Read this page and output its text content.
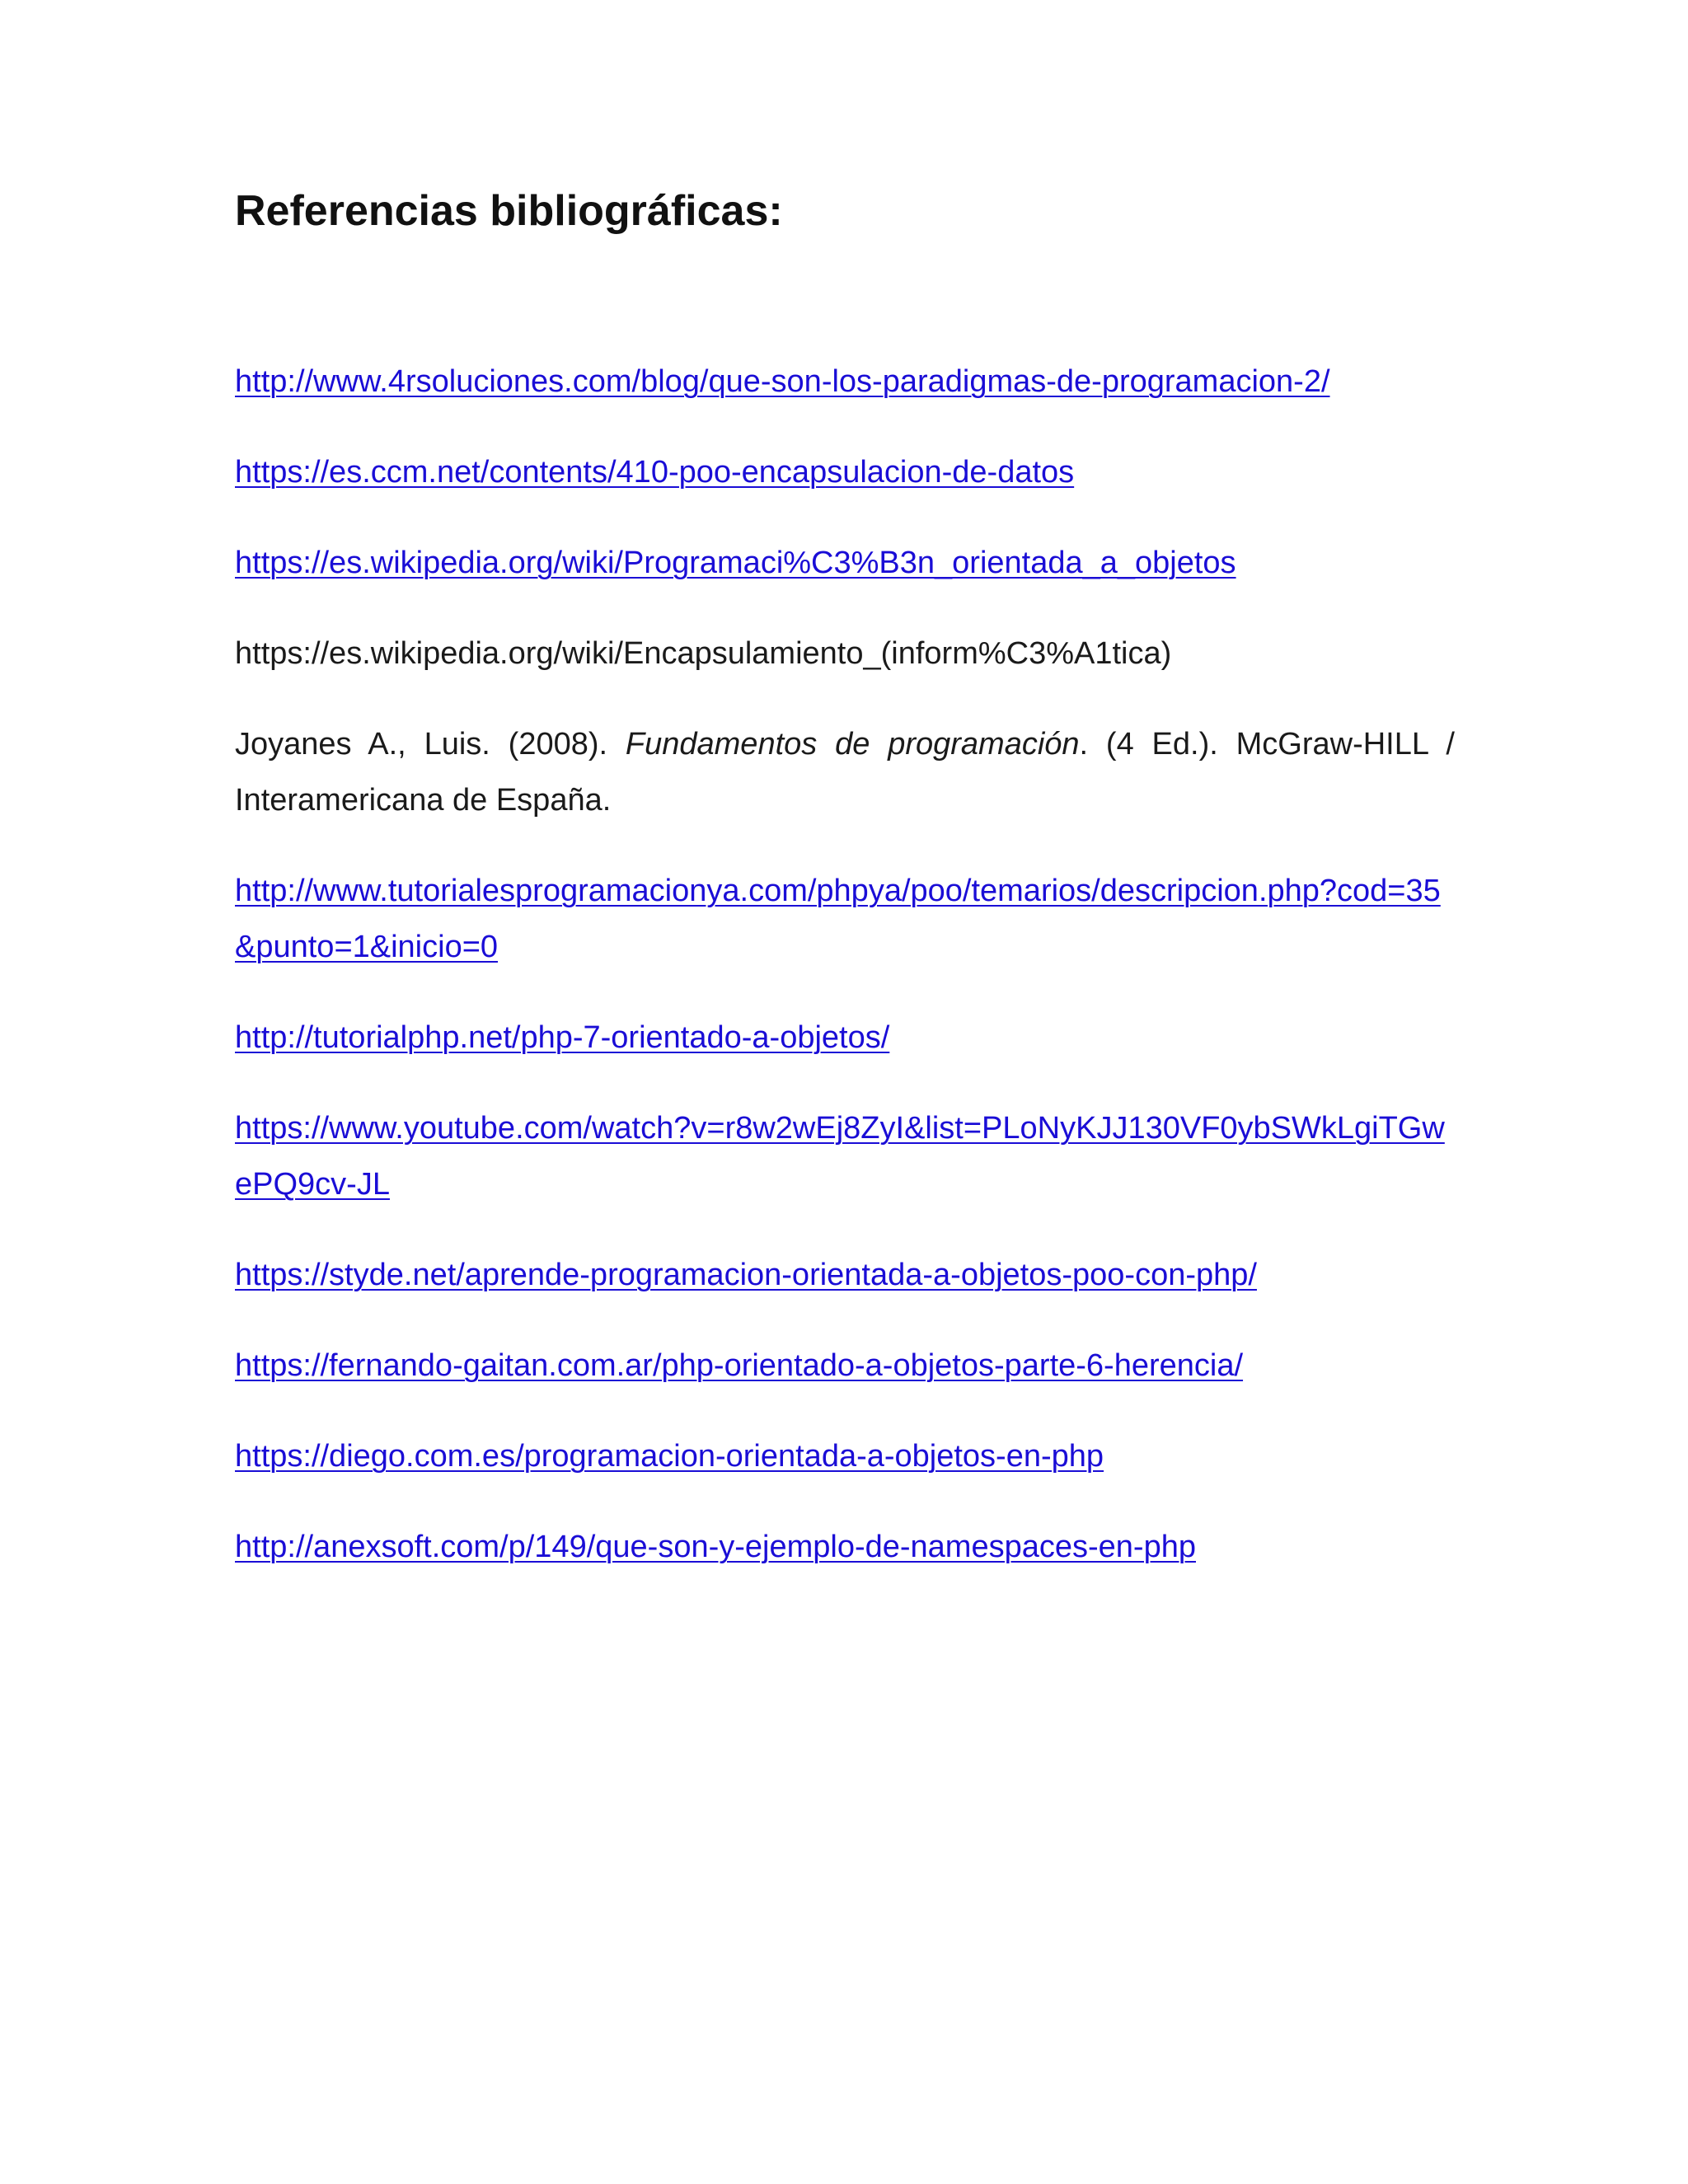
Referencias bibliográficas:
http://www.4rsoluciones.com/blog/que-son-los-paradigmas-de-programacion-2/
https://es.ccm.net/contents/410-poo-encapsulacion-de-datos
https://es.wikipedia.org/wiki/Programaci%C3%B3n_orientada_a_objetos
https://es.wikipedia.org/wiki/Encapsulamiento_(inform%C3%A1tica)
Joyanes A., Luis. (2008). Fundamentos de programación. (4 Ed.). McGraw-HILL / Interamericana de España.
http://www.tutorialesprogramacionya.com/phpya/poo/temarios/descripcion.php?cod=35&punto=1&inicio=0
http://tutorialphp.net/php-7-orientado-a-objetos/
https://www.youtube.com/watch?v=r8w2wEj8ZyI&list=PLoNyKJJ130VF0ybSWkLgiTGwePQ9cv-JL
https://styde.net/aprende-programacion-orientada-a-objetos-poo-con-php/
https://fernando-gaitan.com.ar/php-orientado-a-objetos-parte-6-herencia/
https://diego.com.es/programacion-orientada-a-objetos-en-php
http://anexsoft.com/p/149/que-son-y-ejemplo-de-namespaces-en-php
